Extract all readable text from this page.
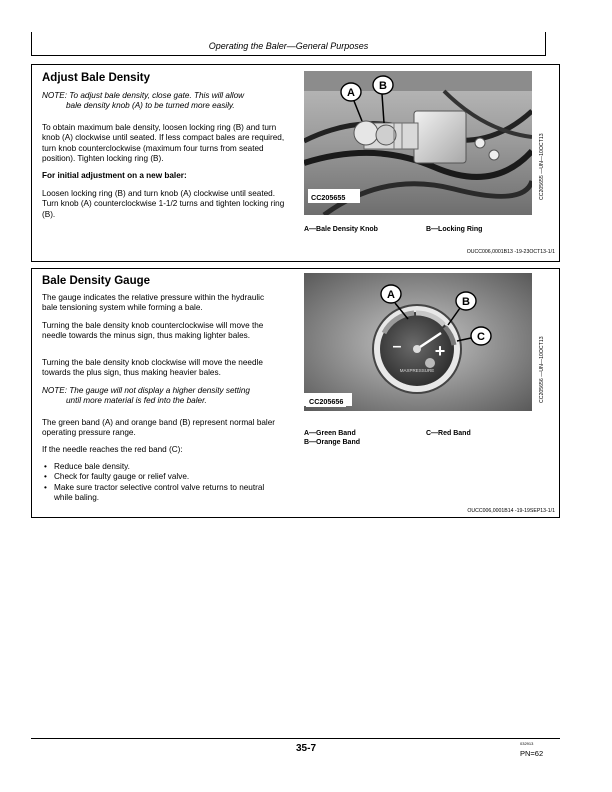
Operating the Baler—General Purposes
Adjust Bale Density
NOTE: To adjust bale density, close gate. This will allow
bale density knob (A) to be turned more easily.
To obtain maximum bale density, loosen locking ring (B) and turn knob (A) clockwise until seated. If less compact bales are required, turn knob counterclockwise (maximum four turns from seated position). Tighten locking ring (B).
For initial adjustment on a new baler:
Loosen locking ring (B) and turn knob (A) clockwise until seated. Turn knob (A) counterclockwise 1-1/2 turns and tighten locking ring (B).
A
B
CC205655	CC205655 —UN—10OCT13
A—Bale Density Knob	B—Locking Ring
OUCC006,0001B13 -19-23OCT13-1/1
Bale Density Gauge
The gauge indicates the relative pressure within the hydraulic bale tensioning system while forming a bale.
Turning the bale density knob counterclockwise will move the needle towards the minus sign, thus making lighter bales.
Turning the bale density knob clockwise will move the needle towards the plus sign, thus making heavier bales.
NOTE: The gauge will not display a higher density setting
until more material is fed into the baler.
The green band (A) and orange band (B) represent normal baler operating pressure range.
If the needle reaches the red band (C):
• Reduce bale density.
• Check for faulty gauge or relief valve.
• Make sure tractor selective control valve returns to neutral while baling.
– +
MAXPRESSURE
A
B
C
CC205656	CC205656 —UN—10OCT13
A—Green Band
B—Orange Band
C—Red Band
OUCC006,0001B14 -19-19SEP13-1/1
35-7	032913
PN=62
